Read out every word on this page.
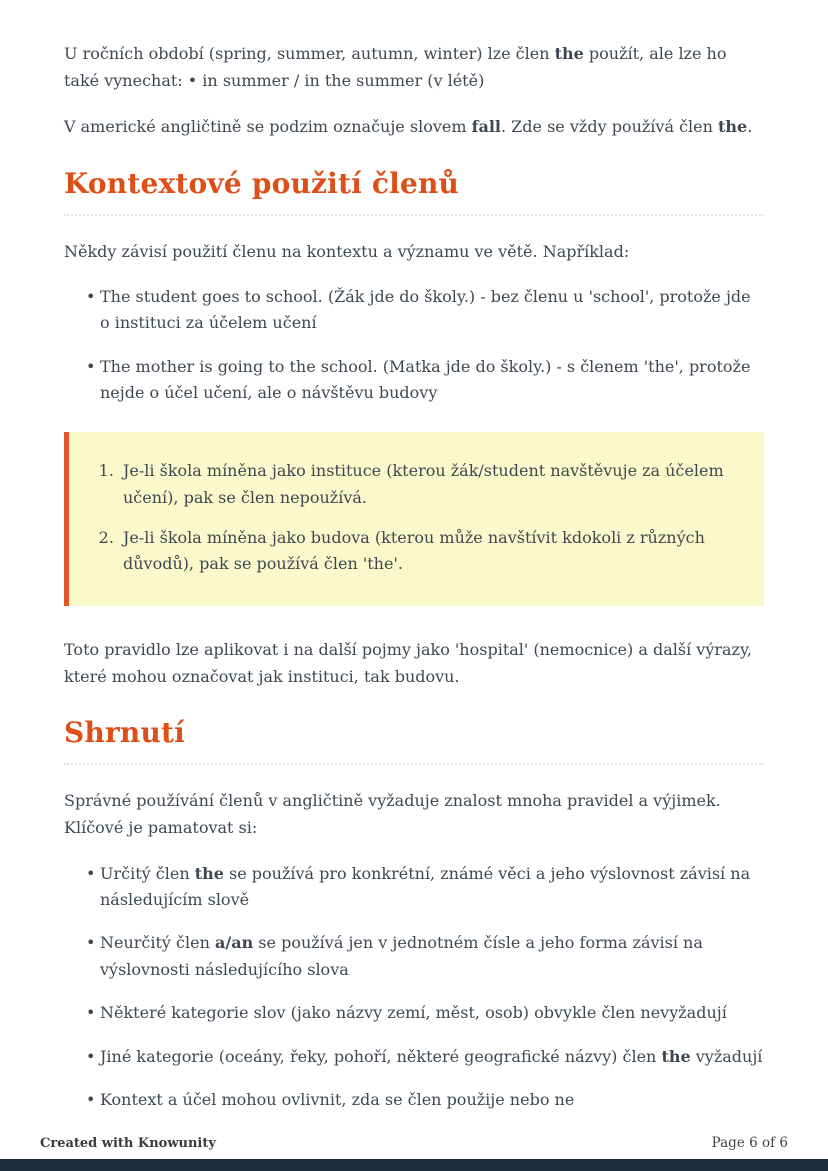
U ročních období (spring, summer, autumn, winter) lze člen the použít, ale lze ho také vynechat: • in summer / in the summer (v létě)

V americké angličtině se podzim označuje slovem fall. Zde se vždy používá člen the.

Kontextové použití členů

Někdy závisí použití členu na kontextu a významu ve větě. Například:

• The student goes to school. (Žák jde do školy.) - bez členu u 'school', protože jde o instituci za účelem učení
• The mother is going to the school. (Matka jde do školy.) - s členem 'the', protože nejde o účel učení, ale o návštěvu budovy
1. Je-li škola míněna jako instituce (kterou žák/student navštěvuje za účelem učení), pak se člen nepoužívá.
2. Je-li škola míněna jako budova (kterou může navštívit kdokoli z různých důvodů), pak se používá člen 'the'.

Toto pravidlo lze aplikovat i na další pojmy jako 'hospital' (nemocnice) a další výrazy, které mohou označovat jak instituci, tak budovu.

Shrnutí

Správné používání členů v angličtině vyžaduje znalost mnoha pravidel a výjimek. Klíčové je pamatovat si:

• Určitý člen the se používá pro konkrétní, známé věci a jeho výslovnost závisí na následujícím slově
• Neurčitý člen a/an se používá jen v jednotném čísle a jeho forma závisí na výslovnosti následujícího slova
• Některé kategorie slov (jako názvy zemí, měst, osob) obvykle člen nevyžadují
• Jiné kategorie (oceány, řeky, pohoří, některé geografické názvy) člen the vyžadují
• Kontext a účel mohou ovlivnit, zda se člen použije nebo ne
Created with Knowunity	Page 6 of 6
